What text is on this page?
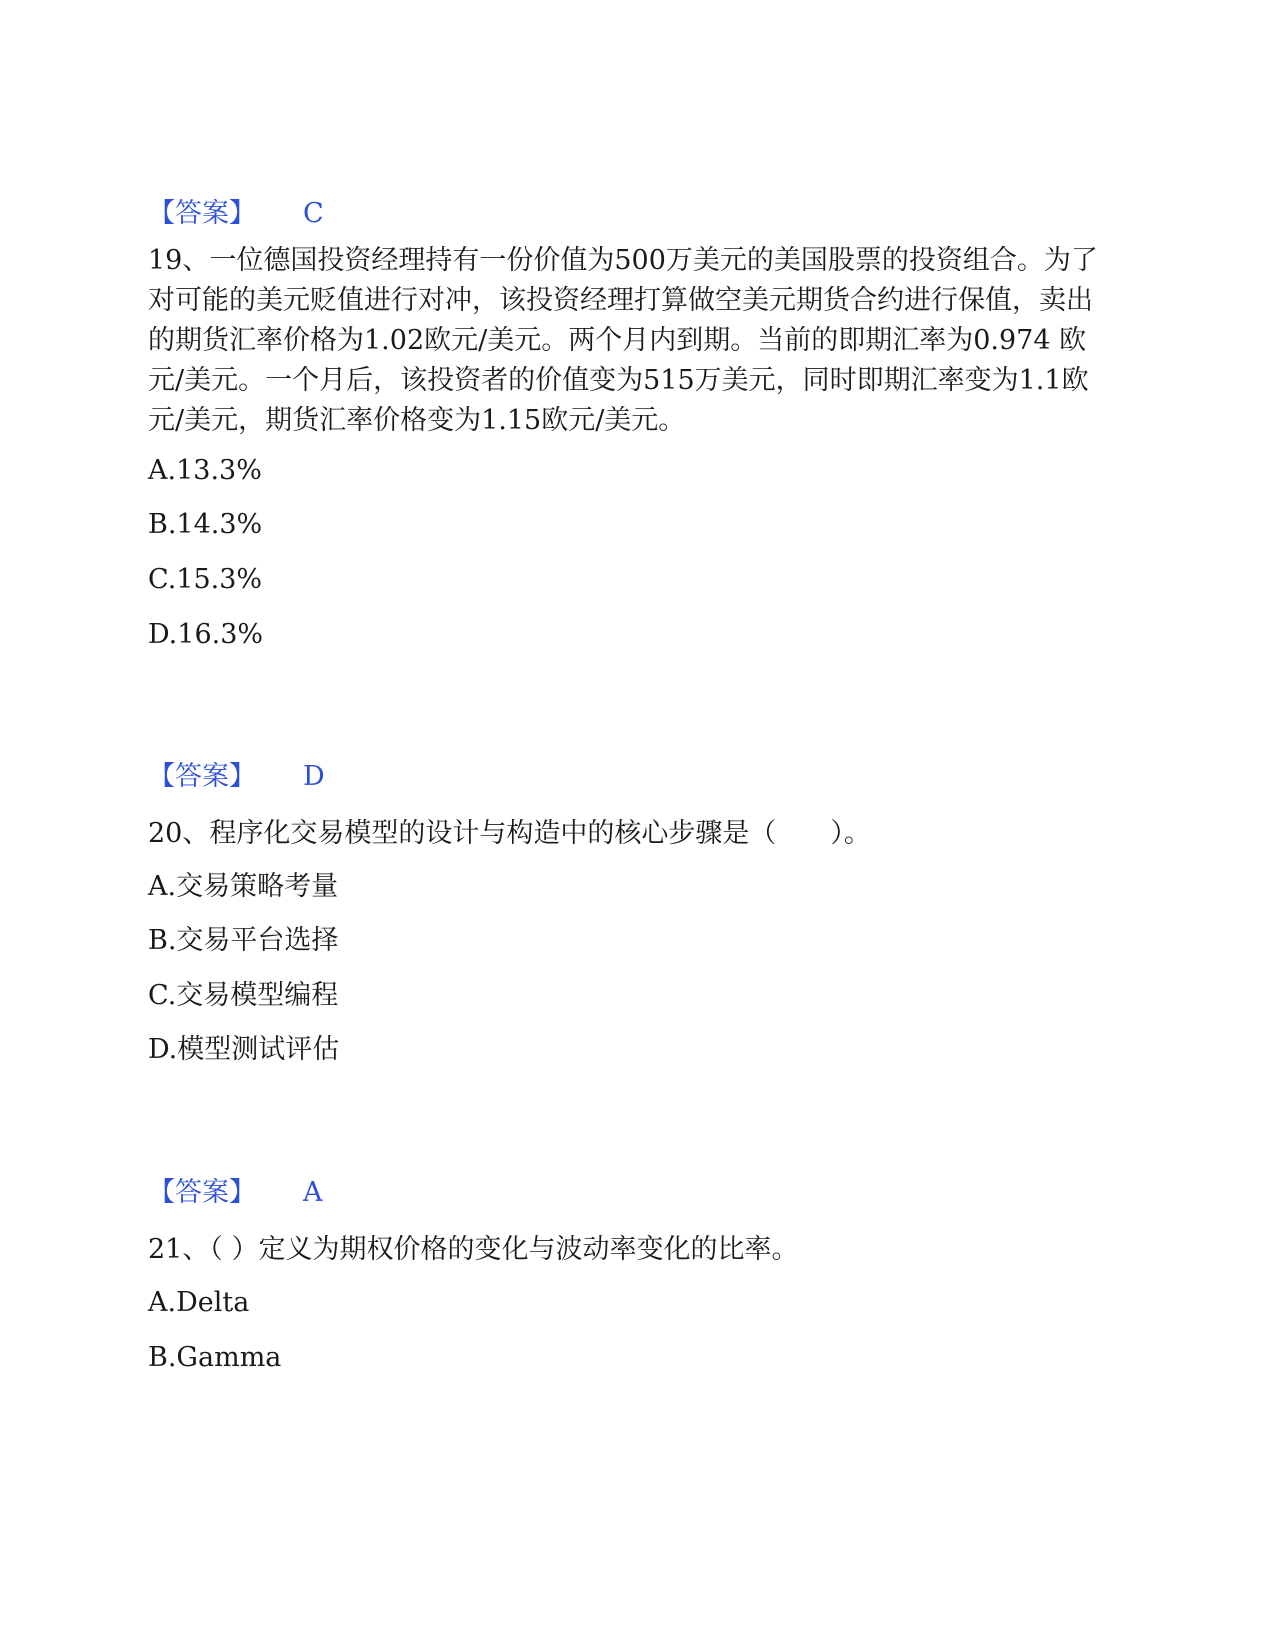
【答案】 C
19、一位德国投资经理持有一份价值为500万美元的美国股票的投资组合。为了对可能的美元贬值进行对冲，该投资经理打算做空美元期货合约进行保值，卖出的期货汇率价格为1.02欧元/美元。两个月内到期。当前的即期汇率为0.974 欧元/美元。一个月后，该投资者的价值变为515万美元，同时即期汇率变为1.1欧元/美元，期货汇率价格变为1.15欧元/美元。
A.13.3%
B.14.3%
C.15.3%
D.16.3%
【答案】 D
20、程序化交易模型的设计与构造中的核心步骤是（　　）。
A.交易策略考量
B.交易平台选择
C.交易模型编程
D.模型测试评估
【答案】 A
21、（ ）定义为期权价格的变化与波动率变化的比率。
A.Delta
B.Gamma
